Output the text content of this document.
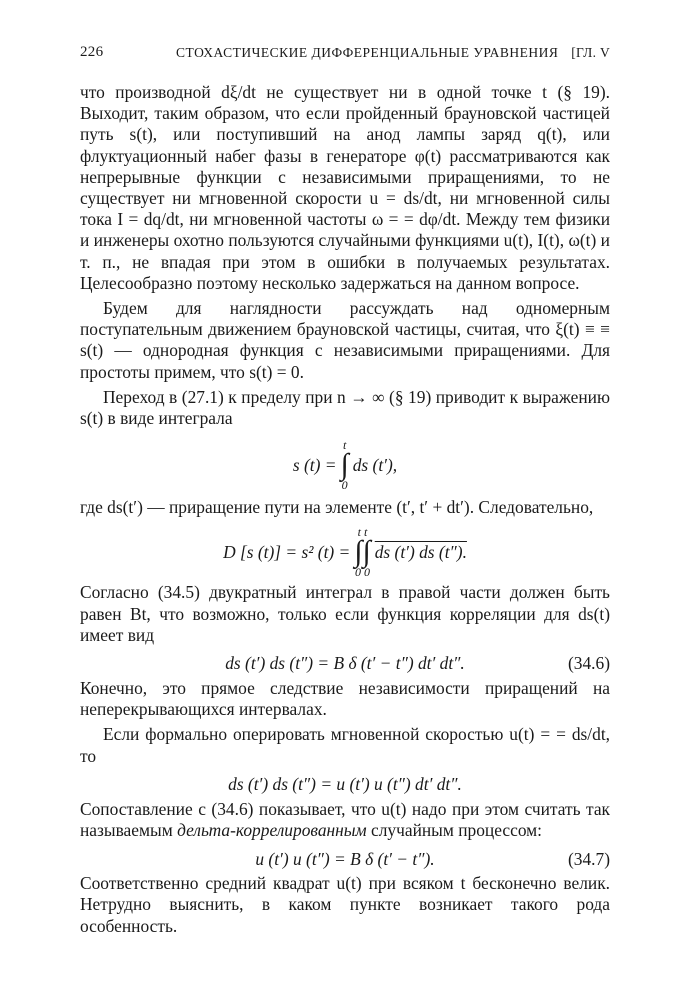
226	СТОХАСТИЧЕСКИЕ ДИФФЕРЕНЦИАЛЬНЫЕ УРАВНЕНИЯ [ГЛ. V

что производной dξ/dt не существует ни в одной точке t (§ 19). Выходит, таким образом, что если пройденный брауновской частицей путь s(t), или поступивший на анод лампы заряд q(t), или флуктуационный набег фазы в генераторе φ(t) рассматриваются как непрерывные функции с независимыми приращениями, то не существует ни мгновенной скорости u = ds/dt, ни мгновенной силы тока I = dq/dt, ни мгновенной частоты ω = = dφ/dt. Между тем физики и инженеры охотно пользуются случайными функциями u(t), I(t), ω(t) и т. п., не впадая при этом в ошибки в получаемых результатах. Целесообразно поэтому несколько задержаться на данном вопросе.

Будем для наглядности рассуждать над одномерным поступательным движением брауновской частицы, считая, что ξ(t) ≡ ≡ s(t) — однородная функция с независимыми приращениями. Для простоты примем, что s(t) = 0.

Переход в (27.1) к пределу при n → ∞ (§ 19) приводит к выражению s(t) в виде интеграла

s (t) =
t
∫
0
ds (t′),

где ds(t′) — приращение пути на элементе (t′, t′ + dt′). Следовательно,

D [s (t)] = s² (t) =
t t
∫∫
0 0
ds (t′) ds (t″).

Согласно (34.5) двукратный интеграл в правой части должен быть равен Bt, что возможно, только если функция корреляции для ds(t) имеет вид

ds (t′) ds (t″) = B δ (t′ − t″) dt′ dt″.	(34.6)

Конечно, это прямое следствие независимости приращений на неперекрывающихся интервалах.

Если формально оперировать мгновенной скоростью u(t) = = ds/dt, то

ds (t′) ds (t″) = u (t′) u (t″) dt′ dt″.

Сопоставление с (34.6) показывает, что u(t) надо при этом считать так называемым дельта-коррелированным случайным процессом:

u (t′) u (t″) = B δ (t′ − t″).	(34.7)

Соответственно средний квадрат u(t) при всяком t бесконечно велик. Нетрудно выяснить, в каком пункте возникает такого рода особенность.
